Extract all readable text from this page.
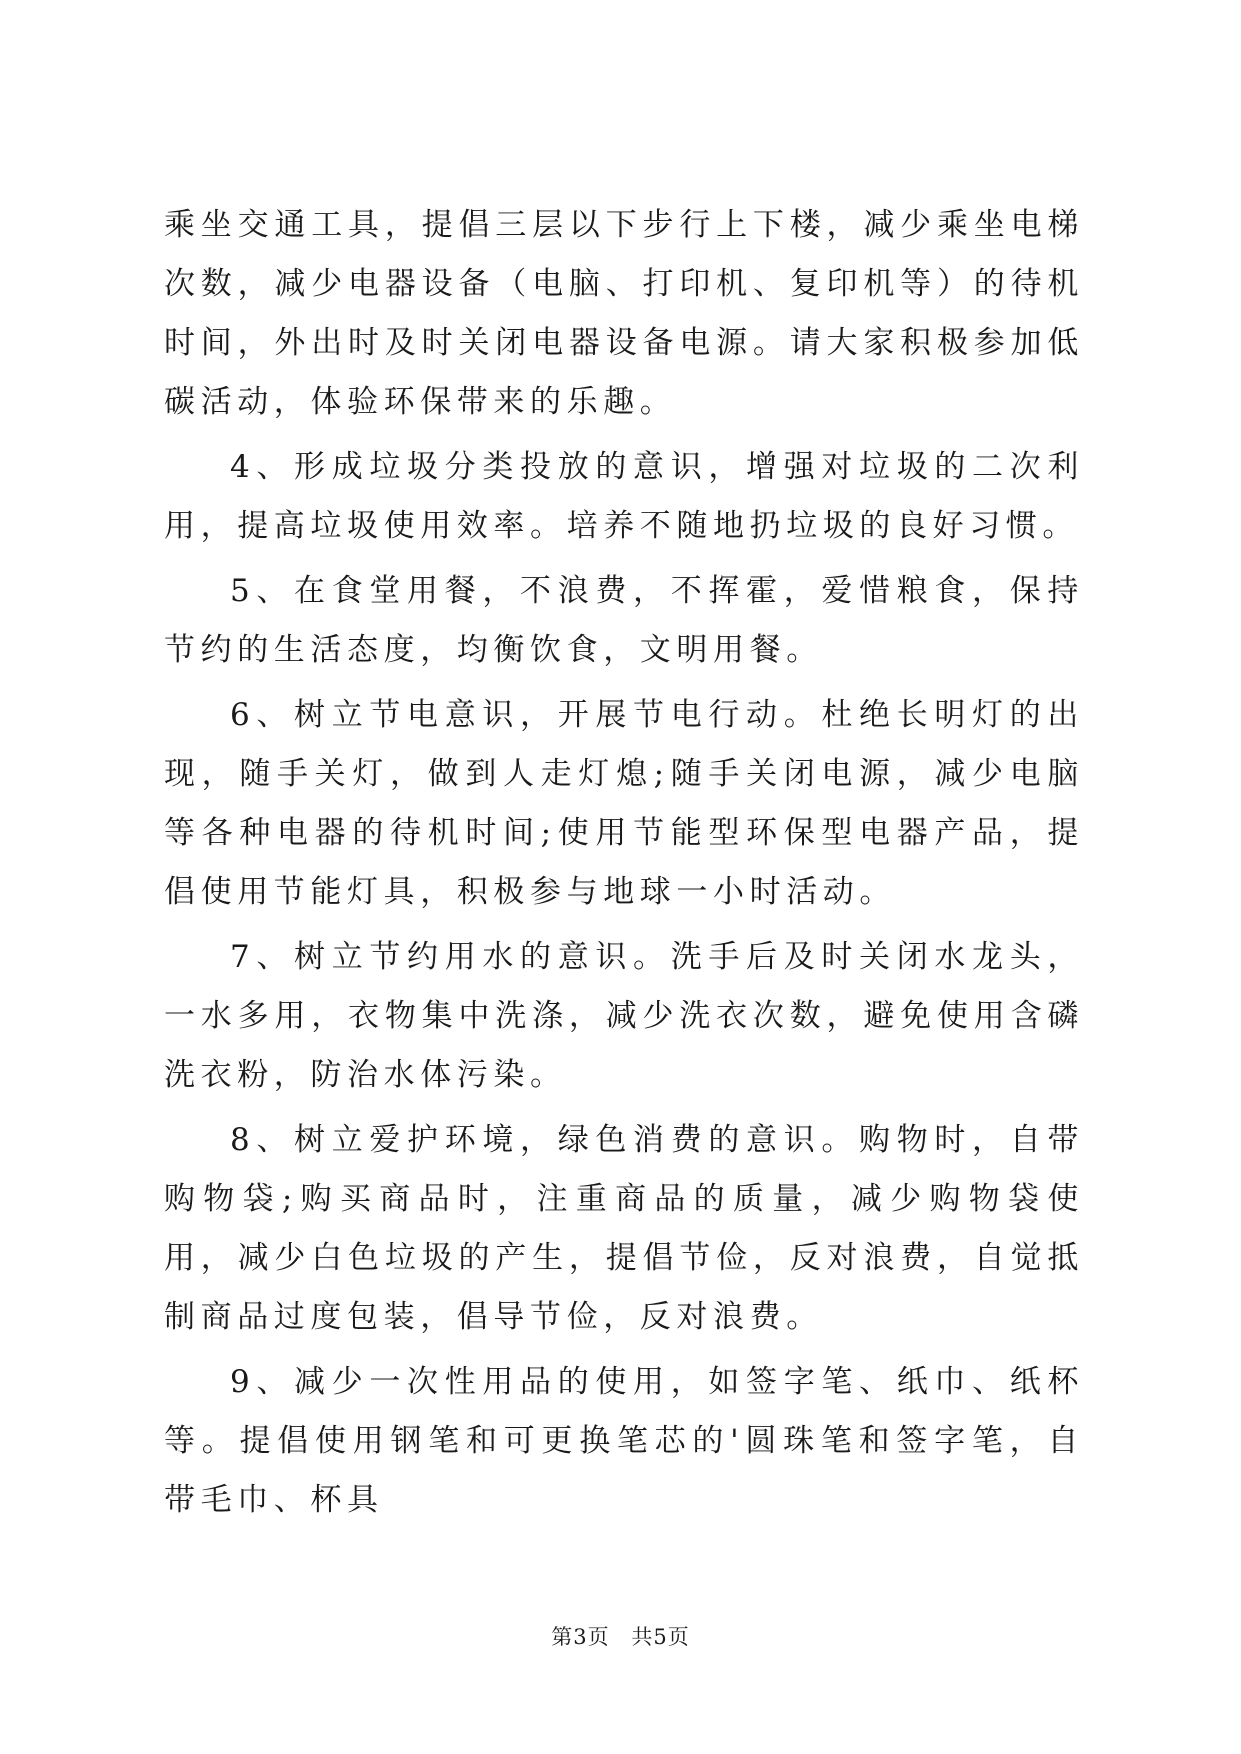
乘坐交通工具，提倡三层以下步行上下楼，减少乘坐电梯次数，减少电器设备（电脑、打印机、复印机等）的待机时间，外出时及时关闭电器设备电源。请大家积极参加低碳活动，体验环保带来的乐趣。

4、形成垃圾分类投放的意识，增强对垃圾的二次利用，提高垃圾使用效率。培养不随地扔垃圾的良好习惯。

5、在食堂用餐，不浪费，不挥霍，爱惜粮食，保持节约的生活态度，均衡饮食，文明用餐。

6、树立节电意识，开展节电行动。杜绝长明灯的出现，随手关灯，做到人走灯熄;随手关闭电源，减少电脑等各种电器的待机时间;使用节能型环保型电器产品，提倡使用节能灯具，积极参与地球一小时活动。

7、树立节约用水的意识。洗手后及时关闭水龙头，一水多用，衣物集中洗涤，减少洗衣次数，避免使用含磷洗衣粉，防治水体污染。

8、树立爱护环境，绿色消费的意识。购物时，自带购物袋;购买商品时，注重商品的质量，减少购物袋使用，减少白色垃圾的产生，提倡节俭，反对浪费，自觉抵制商品过度包装，倡导节俭，反对浪费。

9、减少一次性用品的使用，如签字笔、纸巾、纸杯等。提倡使用钢笔和可更换笔芯的'圆珠笔和签字笔，自带毛巾、杯具

第3页 共5页
